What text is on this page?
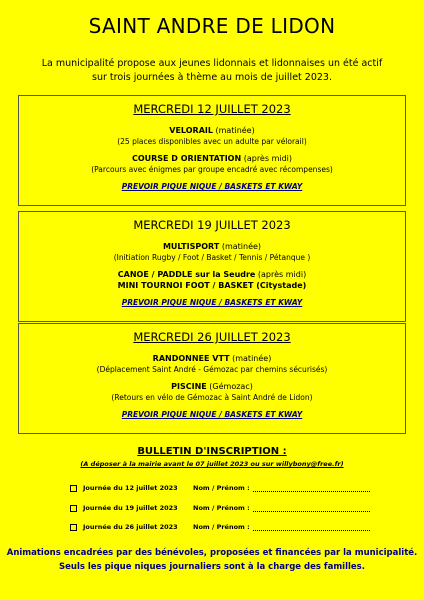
SAINT ANDRE DE LIDON
La municipalité propose aux jeunes lidonnais et lidonnaises un été actif
sur trois journées à thème au mois de juillet 2023.
MERCREDI 12 JUILLET 2023
VELORAIL (matinée)
(25 places disponibles avec un adulte par vélorail)
COURSE D ORIENTATION (après midi)
(Parcours avec énigmes par groupe encadré avec récompenses)
PREVOIR PIQUE NIQUE / BASKETS ET KWAY
MERCREDI 19 JUILLET 2023
MULTISPORT (matinée)
(Initiation Rugby / Foot / Basket / Tennis / Pétanque )
CANOE / PADDLE sur la Seudre (après midi)
MINI TOURNOI FOOT / BASKET (Citystade)
PREVOIR PIQUE NIQUE / BASKETS ET KWAY
MERCREDI 26 JUILLET 2023
RANDONNEE VTT (matinée)
(Déplacement Saint André - Gémozac par chemins sécurisés)
PISCINE (Gémozac)
(Retours en vélo de Gémozac à Saint André de Lidon)
PREVOIR PIQUE NIQUE / BASKETS ET KWAY
BULLETIN D'INSCRIPTION :
(A déposer à la mairie avant le 07 juillet 2023 ou sur willybony@free.fr)
Journée du 12 juillet 2023	Nom / Prénom :
Journée du 19 juillet 2023	Nom / Prénom :
Journée du 26 juillet 2023	Nom / Prénom :
Animations encadrées par des bénévoles, proposées et financées par la municipalité.
Seuls les pique niques journaliers sont à la charge des familles.
